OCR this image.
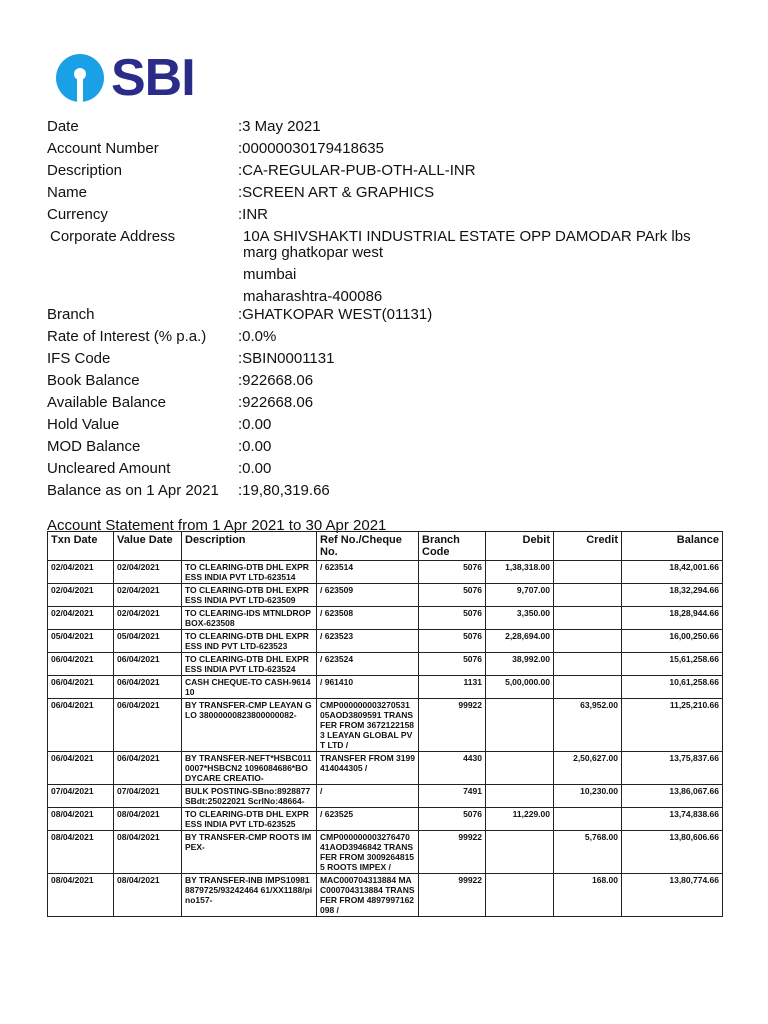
SBI
Date	:3 May 2021
Account Number	:00000030179418635
Description	:CA-REGULAR-PUB-OTH-ALL-INR
Name	:SCREEN ART & GRAPHICS
Currency	:INR
Corporate Address	10A SHIVSHAKTI INDUSTRIAL ESTATE OPP DAMODAR PArk lbs marg ghatkopar west
mumbai
maharashtra-400086
Branch	:GHATKOPAR WEST(01131)
Rate of Interest (% p.a.) :0.0%
IFS Code	:SBIN0001131
Book Balance	:922668.06
Available Balance	:922668.06
Hold Value	:0.00
MOD Balance	:0.00
Uncleared Amount	:0.00
Balance as on 1 Apr 2021 :19,80,319.66
Account Statement from 1 Apr 2021 to 30 Apr 2021
Txn Date	Value Date	Description	Ref No./Cheque No.	Branch Code	Debit	Credit	Balance
02/04/2021	02/04/2021	TO CLEARING-DTB DHL EXPRESS INDIA PVT LTD-623514	/ 623514	5076	1,38,318.00		18,42,001.66
02/04/2021	02/04/2021	TO CLEARING-DTB DHL EXPRESS INDIA PVT LTD-623509	/ 623509	5076	9,707.00		18,32,294.66
02/04/2021	02/04/2021	TO CLEARING-IDS MTNLDROPBOX-623508	/ 623508	5076	3,350.00		18,28,944.66
05/04/2021	05/04/2021	TO CLEARING-DTB DHL EXPRESS IND PVT LTD-623523	/ 623523	5076	2,28,694.00		16,00,250.66
06/04/2021	06/04/2021	TO CLEARING-DTB DHL EXPRESS INDIA PVT LTD-623524	/ 623524	5076	38,992.00		15,61,258.66
06/04/2021	06/04/2021	CASH CHEQUE-TO CASH-961410	/ 961410	1131	5,00,000.00		10,61,258.66
06/04/2021	06/04/2021	BY TRANSFER-CMP LEAYAN GLO 38000000823800000082-	CMP000000003270531 05AOD3809591 TRANSFER FROM 36721221583 LEAYAN GLOBAL PVT LTD /	99922		63,952.00	11,25,210.66
06/04/2021	06/04/2021	BY TRANSFER-NEFT*HSBC0110007*HSBCN2 1096084686*BODYCARE CREATIO-	TRANSFER FROM 3199414044305 /	4430		2,50,627.00	13,75,837.66
07/04/2021	07/04/2021	BULK POSTING-SBno:8928877 SBdt:25022021 ScrlNo:48664-	/	7491		10,230.00	13,86,067.66
08/04/2021	08/04/2021	TO CLEARING-DTB DHL EXPRESS INDIA PVT LTD-623525	/ 623525	5076	11,229.00		13,74,838.66
08/04/2021	08/04/2021	BY TRANSFER-CMP ROOTS IMPEX-	CMP000000003276470 41AOD3946842 TRANSFER FROM 30092648155 ROOTS IMPEX /	99922		5,768.00	13,80,606.66
08/04/2021	08/04/2021	BY TRANSFER-INB IMPS109818879725/93242464 61/XX1188/pino157-	MAC000704313884 MAC000704313884 TRANSFER FROM 4897997162098 /	99922		168.00	13,80,774.66
